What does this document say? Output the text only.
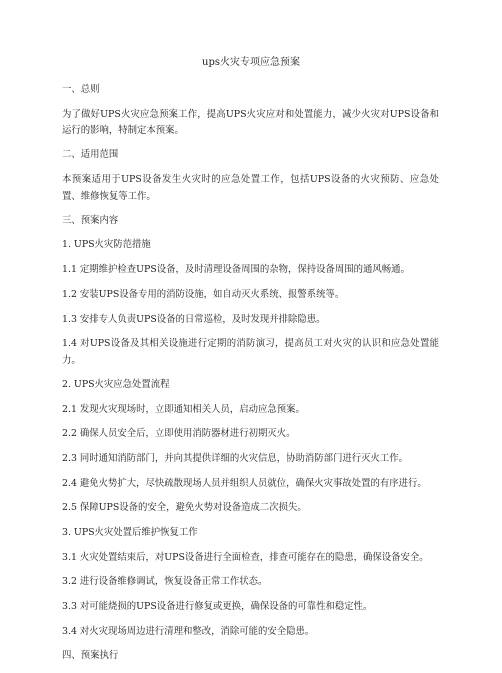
ups火灾专项应急预案

一、总则

为了做好UPS火灾应急预案工作，提高UPS火灾应对和处置能力，减少火灾对UPS设备和运行的影响，特制定本预案。

二、适用范围

本预案适用于UPS设备发生火灾时的应急处置工作，包括UPS设备的火灾预防、应急处置、维修恢复等工作。

三、预案内容

1. UPS火灾防范措施

1.1 定期维护检查UPS设备，及时清理设备周围的杂物，保持设备周围的通风畅通。

1.2 安装UPS设备专用的消防设施，如自动灭火系统、报警系统等。

1.3 安排专人负责UPS设备的日常巡检，及时发现并排除隐患。

1.4 对UPS设备及其相关设施进行定期的消防演习，提高员工对火灾的认识和应急处置能力。

2. UPS火灾应急处置流程

2.1 发现火灾现场时，立即通知相关人员，启动应急预案。

2.2 确保人员安全后，立即使用消防器材进行初期灭火。

2.3 同时通知消防部门，并向其提供详细的火灾信息，协助消防部门进行灭火工作。

2.4 避免火势扩大，尽快疏散现场人员并组织人员就位，确保火灾事故处置的有序进行。

2.5 保障UPS设备的安全，避免火势对设备造成二次损失。

3. UPS火灾处置后维护恢复工作

3.1 火灾处置结束后，对UPS设备进行全面检查，排查可能存在的隐患，确保设备安全。

3.2 进行设备维修调试，恢复设备正常工作状态。

3.3 对可能烧损的UPS设备进行修复或更换，确保设备的可靠性和稳定性。

3.4 对火灾现场周边进行清理和整改，消除可能的安全隐患。

四、预案执行
